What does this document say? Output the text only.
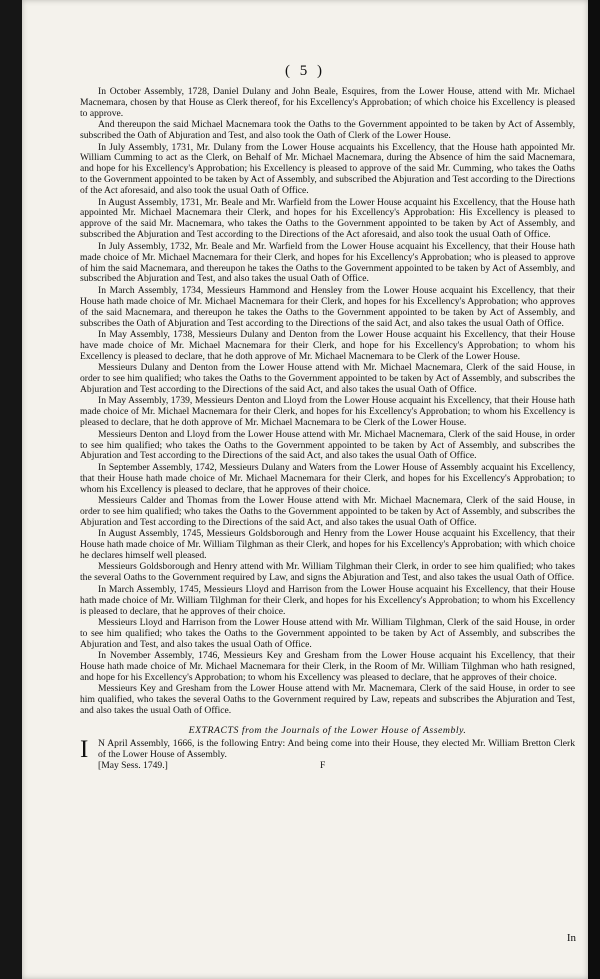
( 5 )

In October Assembly, 1728, Daniel Dulany and John Beale, Esquires, from the Lower House, attend with Mr. Michael Macnemara, chosen by that House as Clerk thereof, for his Excellency's Approbation; of which choice his Excellency is pleased to approve.

And thereupon the said Michael Macnemara took the Oaths to the Government appointed to be taken by Act of Assembly, subscribed the Oath of Abjuration and Test, and also took the Oath of Clerk of the Lower House.

In July Assembly, 1731, Mr. Dulany from the Lower House acquaints his Excellency, that the House hath appointed Mr. William Cumming to act as the Clerk, on Behalf of Mr. Michael Macnemara, during the Absence of him the said Macnemara, and hope for his Excellency's Approbation; his Excellency is pleased to approve of the said Mr. Cumming, who takes the Oaths to the Government appointed to be taken by Act of Assembly, and subscribed the Abjuration and Test according to the Directions of the Act aforesaid, and also took the usual Oath of Office.

In August Assembly, 1731, Mr. Beale and Mr. Warfield from the Lower House acquaint his Excellency, that the House hath appointed Mr. Michael Macnemara their Clerk, and hopes for his Excellency's Approbation: His Excellency is pleased to approve of the said Mr. Macnemara, who takes the Oaths to the Government appointed to be taken by Act of Assembly, and subscribed the Abjuration and Test according to the Directions of the Act aforesaid, and also took the usual Oath of Office.

In July Assembly, 1732, Mr. Beale and Mr. Warfield from the Lower House acquaint his Excellency, that their House hath made choice of Mr. Michael Macnemara for their Clerk, and hopes for his Excellency's Approbation; who is pleased to approve of him the said Macnemara, and thereupon he takes the Oaths to the Government appointed to be taken by Act of Assembly, and subscribed the Abjuration and Test, and also takes the usual Oath of Office.

In March Assembly, 1734, Messieurs Hammond and Hensley from the Lower House acquaint his Excellency, that their House hath made choice of Mr. Michael Macnemara for their Clerk, and hopes for his Excellency's Approbation; who approves of the said Macnemara, and thereupon he takes the Oaths to the Government appointed to be taken by Act of Assembly, and subscribes the Oath of Abjuration and Test according to the Directions of the said Act, and also takes the usual Oath of Office.

In May Assembly, 1738, Messieurs Dulany and Denton from the Lower House acquaint his Excellency, that their House have made choice of Mr. Michael Macnemara for their Clerk, and hope for his Excellency's Approbation; to whom his Excellency is pleased to declare, that he doth approve of Mr. Michael Macnemara to be Clerk of the Lower House.

Messieurs Dulany and Denton from the Lower House attend with Mr. Michael Macnemara, Clerk of the said House, in order to see him qualified; who takes the Oaths to the Government appointed to be taken by Act of Assembly, and subscribes the Abjuration and Test according to the Directions of the said Act, and also takes the usual Oath of Office.

In May Assembly, 1739, Messieurs Denton and Lloyd from the Lower House acquaint his Excellency, that their House hath made choice of Mr. Michael Macnemara for their Clerk, and hopes for his Excellency's Approbation; to whom his Excellency is pleased to declare, that he doth approve of Mr. Michael Macnemara to be Clerk of the Lower House.

Messieurs Denton and Lloyd from the Lower House attend with Mr. Michael Macnemara, Clerk of the said House, in order to see him qualified; who takes the Oaths to the Government appointed to be taken by Act of Assembly, and subscribes the Abjuration and Test according to the Directions of the said Act, and also takes the usual Oath of Office.

In September Assembly, 1742, Messieurs Dulany and Waters from the Lower House of Assembly acquaint his Excellency, that their House hath made choice of Mr. Michael Macnemara for their Clerk, and hopes for his Excellency's Approbation; to whom his Excellency is pleased to declare, that he approves of their choice.

Messieurs Calder and Thomas from the Lower House attend with Mr. Michael Macnemara, Clerk of the said House, in order to see him qualified; who takes the Oaths to the Government appointed to be taken by Act of Assembly, and subscribes the Abjuration and Test according to the Directions of the said Act, and also takes the usual Oath of Office.

In August Assembly, 1745, Messieurs Goldsborough and Henry from the Lower House acquaint his Excellency, that their House hath made choice of Mr. William Tilghman as their Clerk, and hopes for his Excellency's Approbation; with which choice he declares himself well pleased.

Messieurs Goldsborough and Henry attend with Mr. William Tilghman their Clerk, in order to see him qualified; who takes the several Oaths to the Government required by Law, and signs the Abjuration and Test, and also takes the usual Oath of Office.

In March Assembly, 1745, Messieurs Lloyd and Harrison from the Lower House acquaint his Excellency, that their House hath made choice of Mr. William Tilghman for their Clerk, and hopes for his Excellency's Approbation; to whom his Excellency is pleased to declare, that he approves of their choice.

Messieurs Lloyd and Harrison from the Lower House attend with Mr. William Tilghman, Clerk of the said House, in order to see him qualified; who takes the Oaths to the Government appointed to be taken by Act of Assembly, and subscribes the Abjuration and Test, and also takes the usual Oath of Office.

In November Assembly, 1746, Messieurs Key and Gresham from the Lower House acquaint his Excellency, that their House hath made choice of Mr. Michael Macnemara for their Clerk, in the Room of Mr. William Tilghman who hath resigned, and hope for his Excellency's Approbation; to whom his Excellency was pleased to declare, that he approves of their choice.

Messieurs Key and Gresham from the Lower House attend with Mr. Macnemara, Clerk of the said House, in order to see him qualified, who takes the several Oaths to the Government required by Law, repeats and subscribes the Abjuration and Test, and also takes the usual Oath of Office.

EXTRACTS from the Journals of the Lower House of Assembly.

I N April Assembly, 1666, is the following Entry: And being come into their House, they elected Mr. William Bretton Clerk of the Lower House of Assembly.

[May Sess. 1749.]	F
In
